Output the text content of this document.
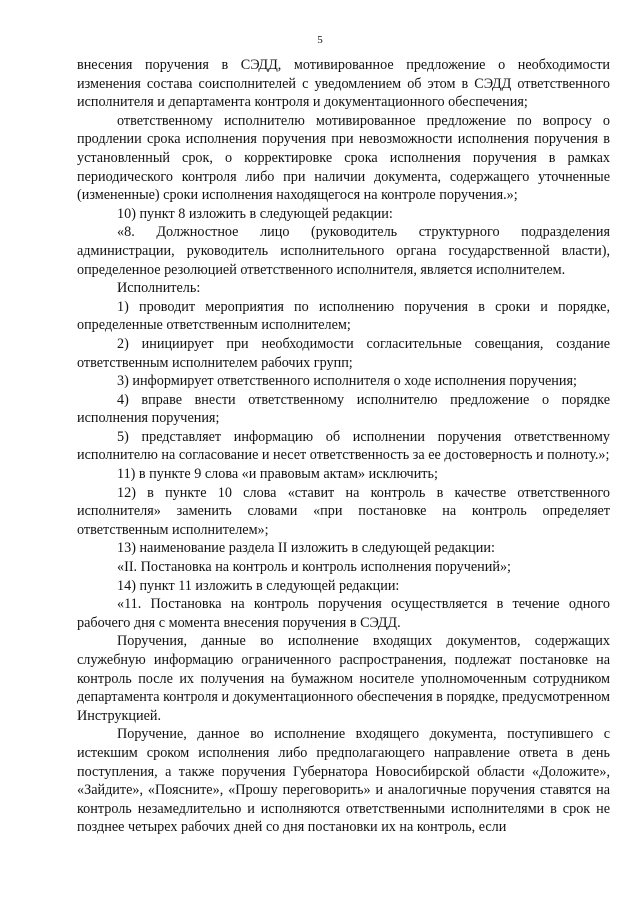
5

внесения поручения в СЭДД, мотивированное предложение о необходимости изменения состава соисполнителей с уведомлением об этом в СЭДД ответственного исполнителя и департамента контроля и документационного обеспечения;

ответственному исполнителю мотивированное предложение по вопросу о продлении срока исполнения поручения при невозможности исполнения поручения в установленный срок, о корректировке срока исполнения поручения в рамках периодического контроля либо при наличии документа, содержащего уточненные (измененные) сроки исполнения находящегося на контроле поручения.»;

10) пункт 8 изложить в следующей редакции:

«8. Должностное лицо (руководитель структурного подразделения администрации, руководитель исполнительного органа государственной власти), определенное резолюцией ответственного исполнителя, является исполнителем.

Исполнитель:

1) проводит мероприятия по исполнению поручения в сроки и порядке, определенные ответственным исполнителем;

2) инициирует при необходимости согласительные совещания, создание ответственным исполнителем рабочих групп;

3) информирует ответственного исполнителя о ходе исполнения поручения;

4) вправе внести ответственному исполнителю предложение о порядке исполнения поручения;

5) представляет информацию об исполнении поручения ответственному исполнителю на согласование и несет ответственность за ее достоверность и полноту.»;

11) в пункте 9 слова «и правовым актам» исключить;

12) в пункте 10 слова «ставит на контроль в качестве ответственного исполнителя» заменить словами «при постановке на контроль определяет ответственным исполнителем»;

13) наименование раздела II изложить в следующей редакции:

«II. Постановка на контроль и контроль исполнения поручений»;

14) пункт 11 изложить в следующей редакции:

«11. Постановка на контроль поручения осуществляется в течение одного рабочего дня с момента внесения поручения в СЭДД.

Поручения, данные во исполнение входящих документов, содержащих служебную информацию ограниченного распространения, подлежат постановке на контроль после их получения на бумажном носителе уполномоченным сотрудником департамента контроля и документационного обеспечения в порядке, предусмотренном Инструкцией.

Поручение, данное во исполнение входящего документа, поступившего с истекшим сроком исполнения либо предполагающего направление ответа в день поступления, а также поручения Губернатора Новосибирской области «Доложите», «Зайдите», «Поясните», «Прошу переговорить» и аналогичные поручения ставятся на контроль незамедлительно и исполняются ответственными исполнителями в срок не позднее четырех рабочих дней со дня постановки их на контроль, если
